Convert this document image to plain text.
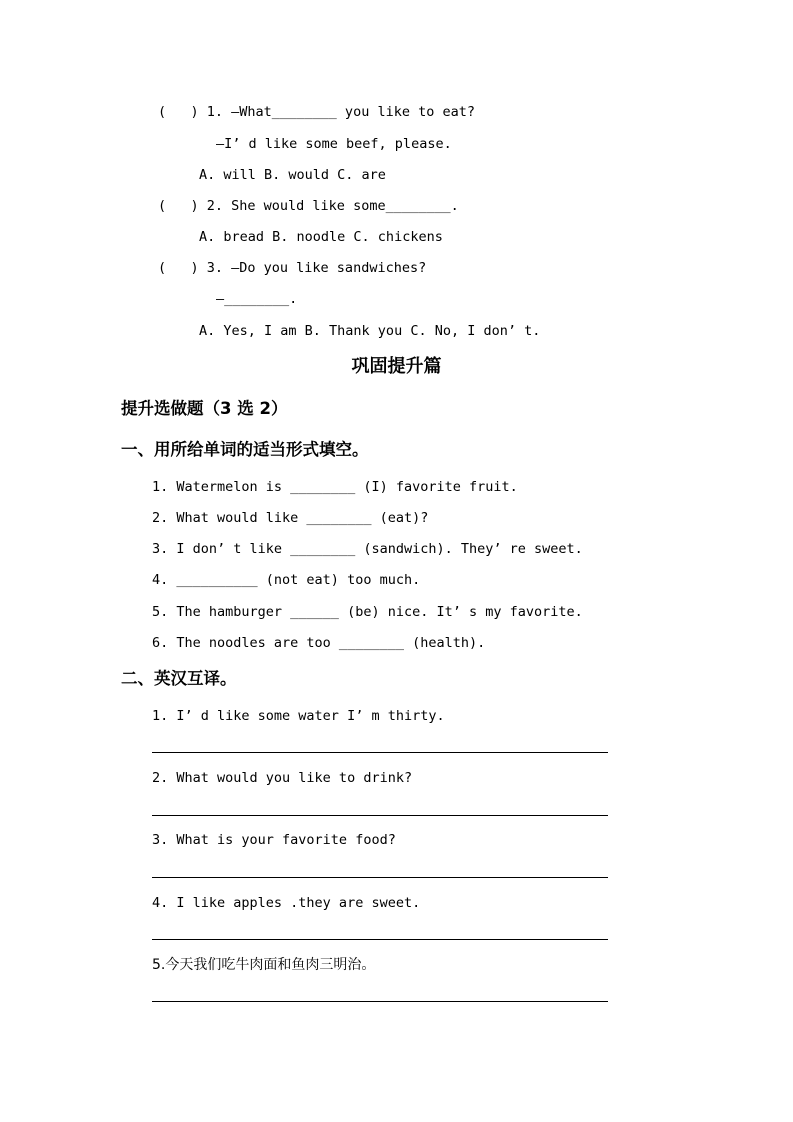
(   ) 1. —What________ you like to eat?
—I’ d like some beef, please.
A. will B. would C. are
(   ) 2. She would like some________.
A. bread B. noodle C. chickens
(   ) 3. —Do you like sandwiches?
—________.
A. Yes, I am B. Thank you C. No, I don’ t.
巩固提升篇
提升选做题（3 选 2）
一、用所给单词的适当形式填空。
1. Watermelon is ________ (I) favorite fruit.
2. What would like ________ (eat)?
3. I don’ t like ________ (sandwich). They’ re sweet.
4. __________ (not eat) too much.
5. The hamburger ______ (be) nice. It’ s my favorite.
6. The noodles are too ________ (health).
二、英汉互译。
1. I’ d like some water I’ m thirty.
2. What would you like to drink?
3. What is your favorite food?
4. I like apples .they are sweet.
5.今天我们吃牛肉面和鱼肉三明治。
